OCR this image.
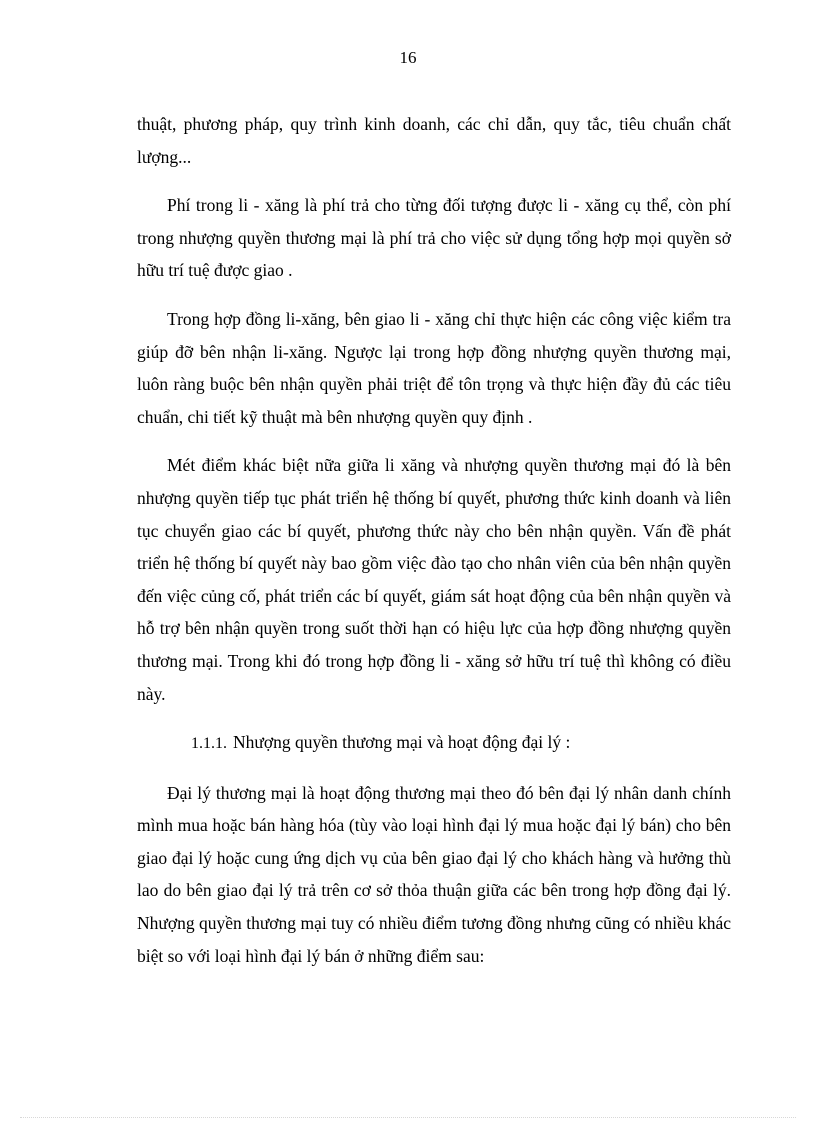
16

thuật, phương pháp, quy trình kinh doanh, các chỉ dẫn, quy tắc, tiêu chuẩn chất lượng...

Phí trong li - xăng là phí trả cho từng đối tượng được li - xăng cụ thể, còn phí trong nhượng quyền thương mại là phí trả cho việc sử dụng tổng hợp mọi quyền sở hữu trí tuệ được giao .

Trong hợp đồng li-xăng, bên giao li - xăng chỉ thực hiện các công việc kiểm tra giúp đỡ bên nhận li-xăng. Ngược lại trong hợp đồng nhượng quyền thương mại, luôn ràng buộc bên nhận quyền phải triệt để tôn trọng và thực hiện đầy đủ các tiêu chuẩn, chi tiết kỹ thuật mà bên nhượng quyền quy định .

Mét điểm khác biệt nữa giữa li xăng và nhượng quyền thương mại đó là bên nhượng quyền tiếp tục phát triển hệ thống bí quyết, phương thức kinh doanh và liên tục chuyển giao các bí quyết, phương thức này cho bên nhận quyền. Vấn đề phát triển hệ thống bí quyết này bao gồm việc đào tạo cho nhân viên của bên nhận quyền đến việc củng cố, phát triển các bí quyết, giám sát hoạt động của bên nhận quyền và hỗ trợ bên nhận quyền trong suốt thời hạn có hiệu lực của hợp đồng nhượng quyền thương mại. Trong khi đó trong hợp đồng li - xăng sở hữu trí tuệ thì không có điều này.

1.1.1. Nhượng quyền thương mại và hoạt động đại lý :

Đại lý thương mại là hoạt động thương mại theo đó bên đại lý nhân danh chính mình mua hoặc bán hàng hóa (tùy vào loại hình đại lý mua hoặc đại lý bán) cho bên giao đại lý hoặc cung ứng dịch vụ của bên giao đại lý cho khách hàng và hưởng thù lao do bên giao đại lý trả trên cơ sở thỏa thuận giữa các bên trong hợp đồng đại lý. Nhượng quyền thương mại tuy có nhiều điểm tương đồng nhưng cũng có nhiều khác biệt so với loại hình đại lý bán ở những điểm sau:
